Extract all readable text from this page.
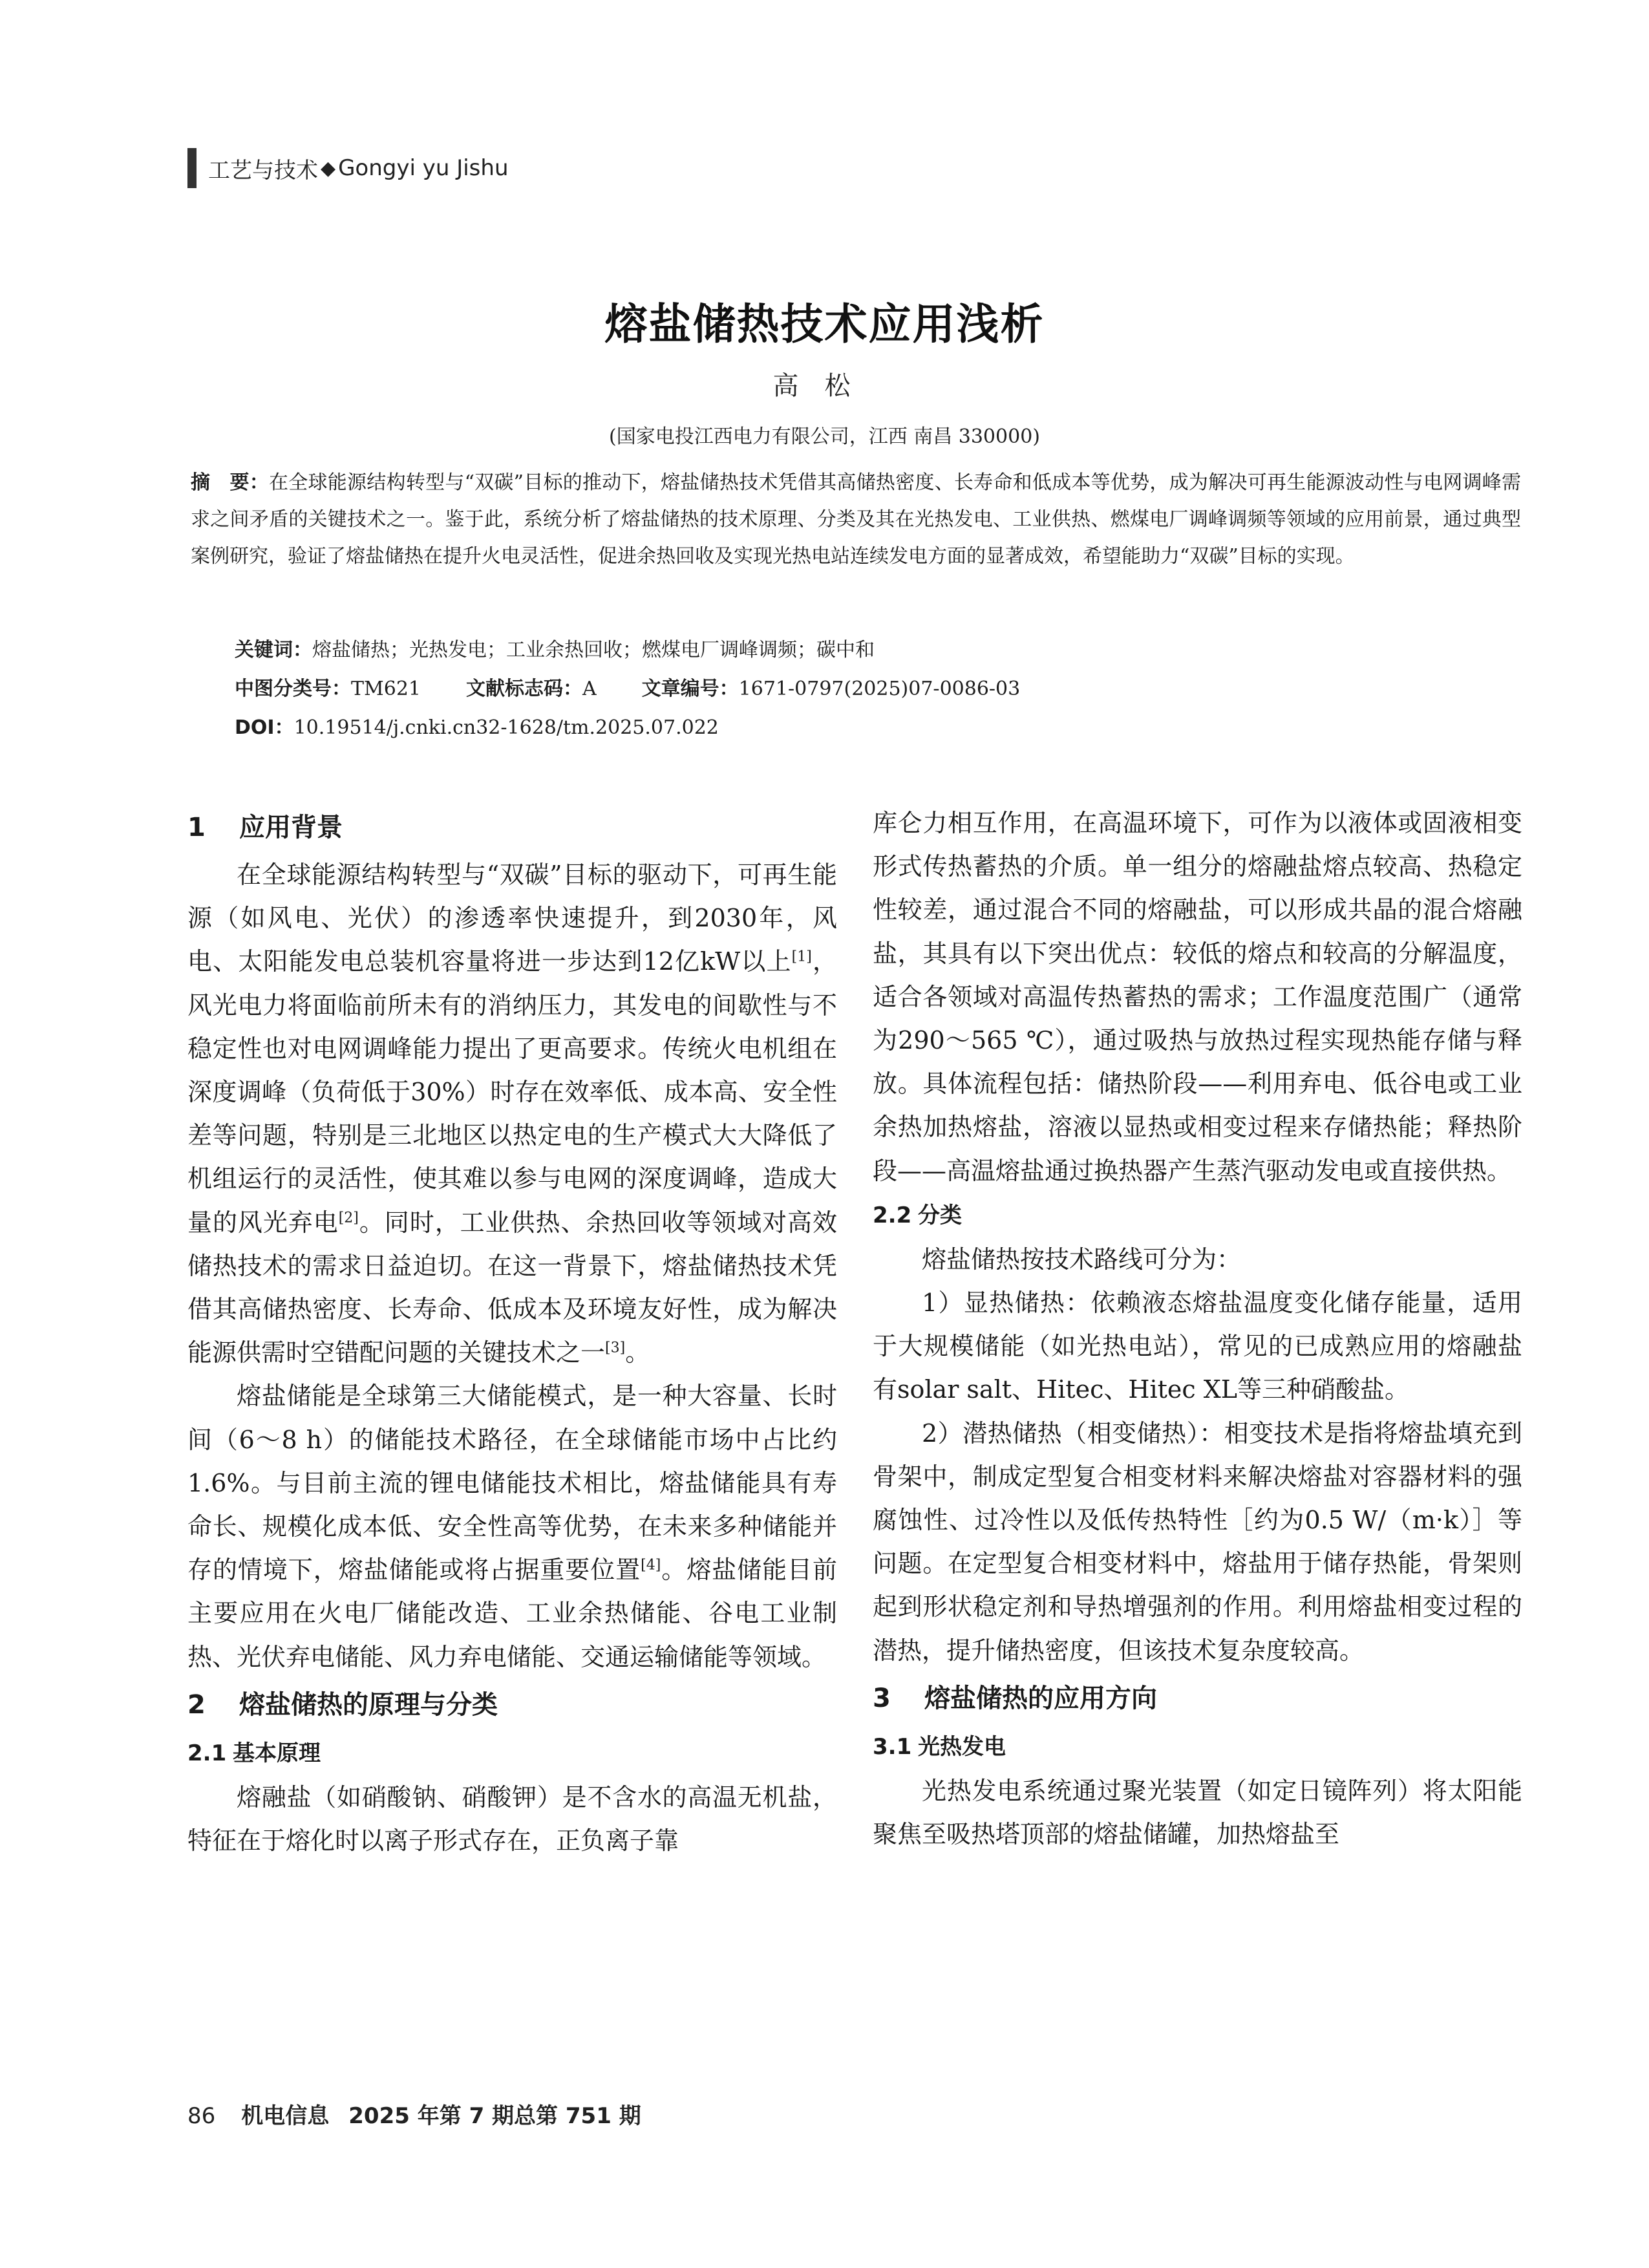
工艺与技术 ◆ Gongyi yu Jishu
熔盐储热技术应用浅析
高松
(国家电投江西电力有限公司，江西 南昌 330000)

摘　要：在全球能源结构转型与“双碳”目标的推动下，熔盐储热技术凭借其高储热密度、长寿命和低成本等优势，成为解决可再生能源波动性与电网调峰需求之间矛盾的关键技术之一。鉴于此，系统分析了熔盐储热的技术原理、分类及其在光热发电、工业供热、燃煤电厂调峰调频等领域的应用前景，通过典型案例研究，验证了熔盐储热在提升火电灵活性，促进余热回收及实现光热电站连续发电方面的显著成效，希望能助力“双碳”目标的实现。

关键词：熔盐储热；光热发电；工业余热回收；燃煤电厂调峰调频；碳中和

中图分类号：TM621 文献标志码：A 文章编号：1671-0797(2025)07-0086-03

DOI：10.19514/j.cnki.cn32-1628/tm.2025.07.022

1 应用背景

在全球能源结构转型与“双碳”目标的驱动下，可再生能源（如风电、光伏）的渗透率快速提升，到2030年，风电、太阳能发电总装机容量将进一步达到12亿kW以上[1]，风光电力将面临前所未有的消纳压力，其发电的间歇性与不稳定性也对电网调峰能力提出了更高要求。传统火电机组在深度调峰（负荷低于30%）时存在效率低、成本高、安全性差等问题，特别是三北地区以热定电的生产模式大大降低了机组运行的灵活性，使其难以参与电网的深度调峰，造成大量的风光弃电[2]。同时，工业供热、余热回收等领域对高效储热技术的需求日益迫切。在这一背景下，熔盐储热技术凭借其高储热密度、长寿命、低成本及环境友好性，成为解决能源供需时空错配问题的关键技术之一[3]。

熔盐储能是全球第三大储能模式，是一种大容量、长时间（6～8 h）的储能技术路径，在全球储能市场中占比约1.6%。与目前主流的锂电储能技术相比，熔盐储能具有寿命长、规模化成本低、安全性高等优势，在未来多种储能并存的情境下，熔盐储能或将占据重要位置[4]。熔盐储能目前主要应用在火电厂储能改造、工业余热储能、谷电工业制热、光伏弃电储能、风力弃电储能、交通运输储能等领域。

2 熔盐储热的原理与分类
2.1 基本原理

熔融盐（如硝酸钠、硝酸钾）是不含水的高温无机盐，特征在于熔化时以离子形式存在，正负离子靠

库仑力相互作用，在高温环境下，可作为以液体或固液相变形式传热蓄热的介质。单一组分的熔融盐熔点较高、热稳定性较差，通过混合不同的熔融盐，可以形成共晶的混合熔融盐，其具有以下突出优点：较低的熔点和较高的分解温度，适合各领域对高温传热蓄热的需求；工作温度范围广（通常为290～565 ℃），通过吸热与放热过程实现热能存储与释放。具体流程包括：储热阶段——利用弃电、低谷电或工业余热加热熔盐，溶液以显热或相变过程来存储热能；释热阶段——高温熔盐通过换热器产生蒸汽驱动发电或直接供热。

2.2 分类

熔盐储热按技术路线可分为：

1）显热储热：依赖液态熔盐温度变化储存能量，适用于大规模储能（如光热电站），常见的已成熟应用的熔融盐有solar salt、Hitec、Hitec XL等三种硝酸盐。

2）潜热储热（相变储热）：相变技术是指将熔盐填充到骨架中，制成定型复合相变材料来解决熔盐对容器材料的强腐蚀性、过冷性以及低传热特性［约为0.5 W/（m·k）］等问题。在定型复合相变材料中，熔盐用于储存热能，骨架则起到形状稳定剂和导热增强剂的作用。利用熔盐相变过程的潜热，提升储热密度，但该技术复杂度较高。

3 熔盐储热的应用方向
3.1 光热发电

光热发电系统通过聚光装置（如定日镜阵列）将太阳能聚焦至吸热塔顶部的熔盐储罐，加热熔盐至

86 机电信息 2025 年第 7 期总第 751 期
